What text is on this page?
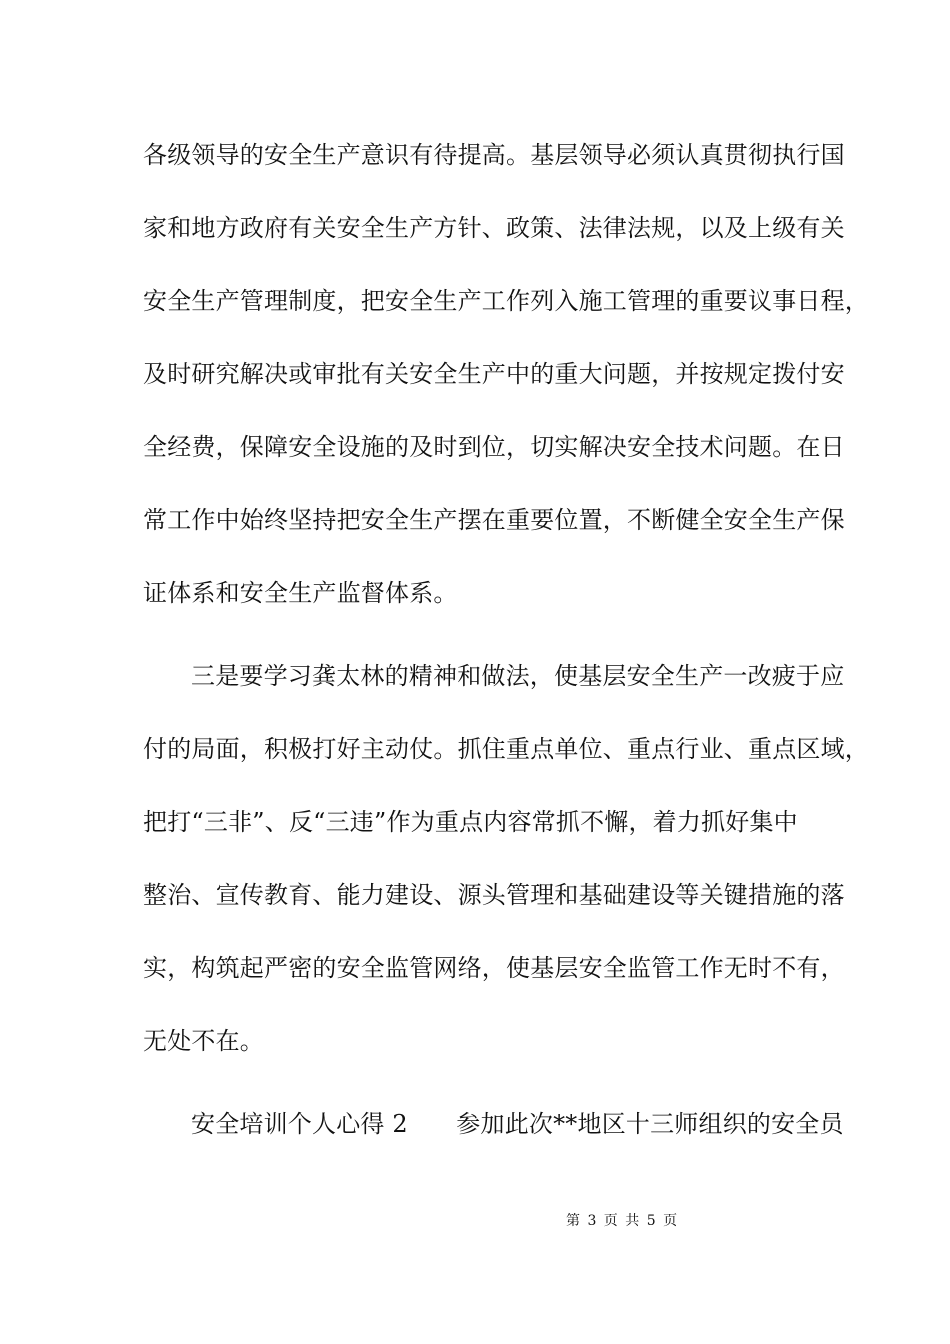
各级领导的安全生产意识有待提高。基层领导必须认真贯彻执行国
家和地方政府有关安全生产方针、政策、法律法规，以及上级有关
安全生产管理制度，把安全生产工作列入施工管理的重要议事日程，
及时研究解决或审批有关安全生产中的重大问题，并按规定拨付安
全经费，保障安全设施的及时到位，切实解决安全技术问题。在日
常工作中始终坚持把安全生产摆在重要位置，不断健全安全生产保
证体系和安全生产监督体系。
三是要学习龚太林的精神和做法，使基层安全生产一改疲于应
付的局面，积极打好主动仗。抓住重点单位、重点行业、重点区域，
把打“三非”、反“三违”作为重点内容常抓不懈，着力抓好集中
整治、宣传教育、能力建设、源头管理和基础建设等关键措施的落
实，构筑起严密的安全监管网络，使基层安全监管工作无时不有，
无处不在。
安全培训个人心得 2　　参加此次**地区十三师组织的安全员
第 3 页 共 5 页
